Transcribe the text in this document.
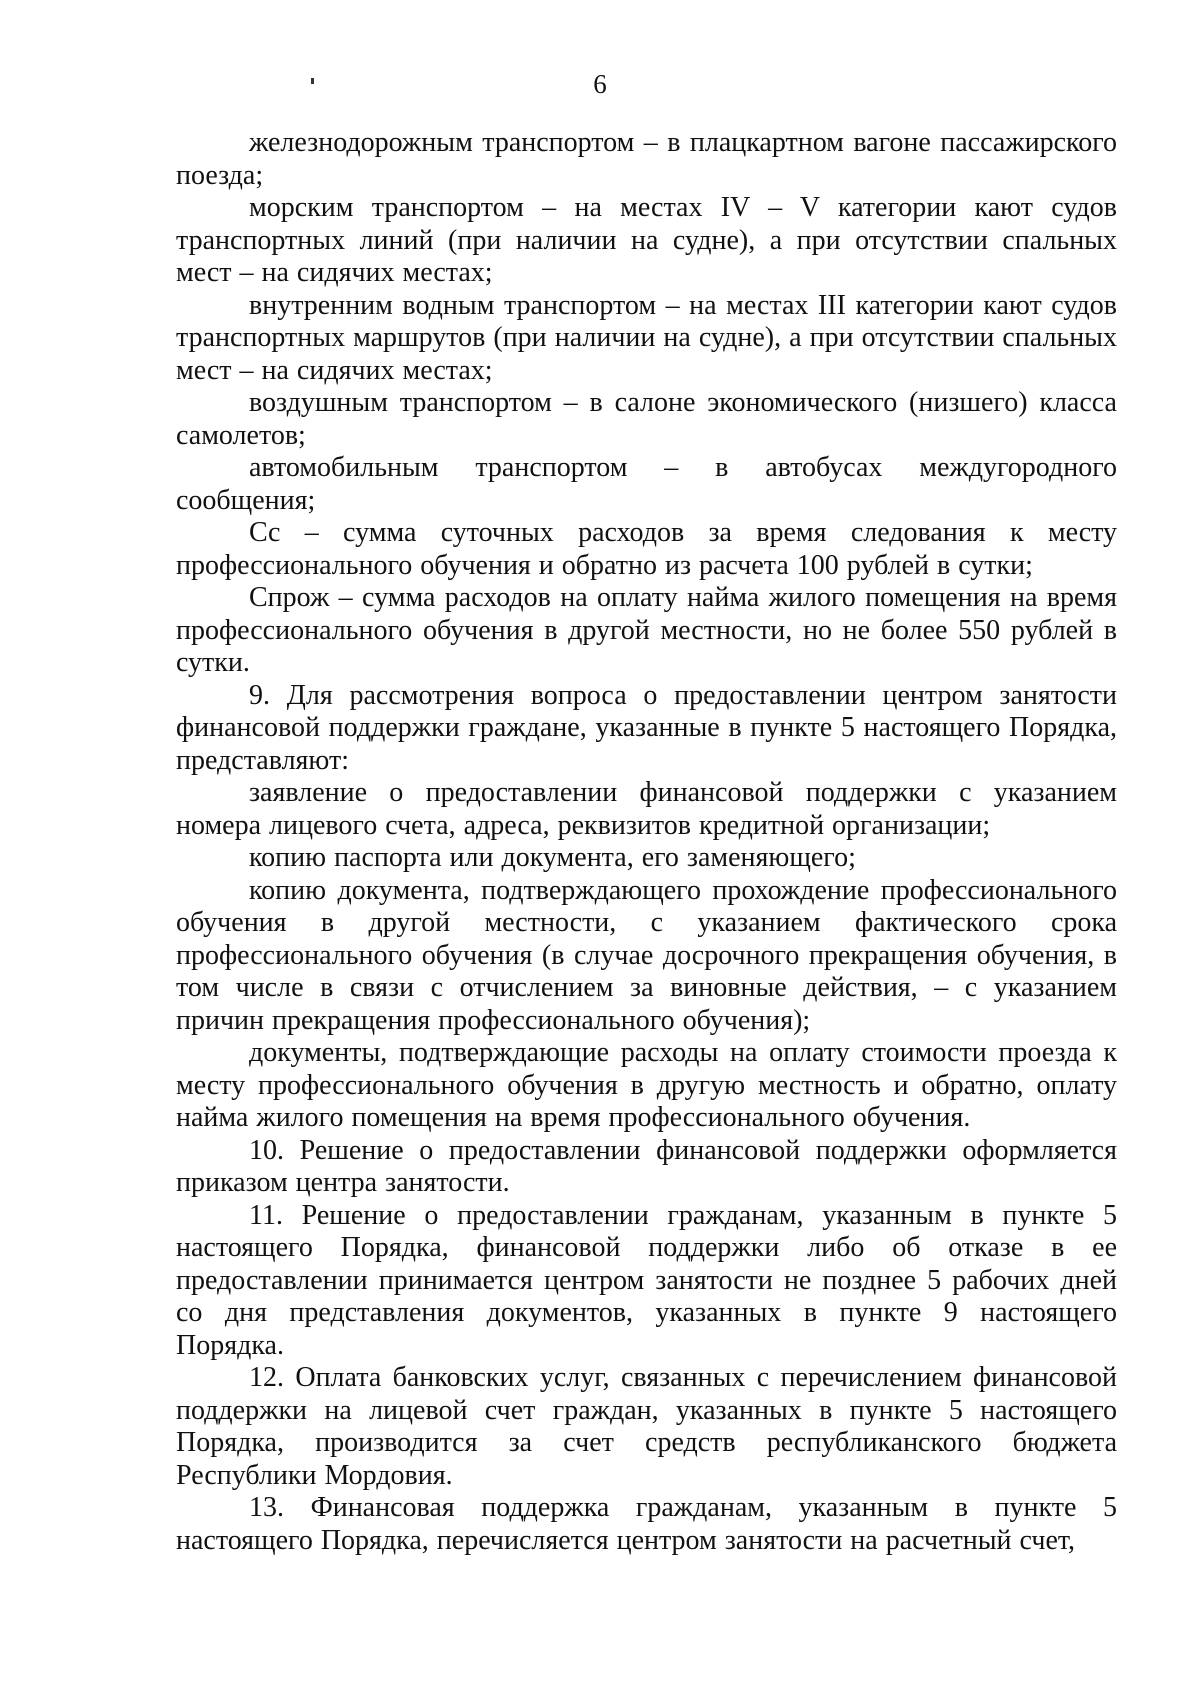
6

железнодорожным транспортом – в плацкартном вагоне пассажирского поезда;

морским транспортом – на местах IV – V категории кают судов транспортных линий (при наличии на судне), а при отсутствии спальных мест – на сидячих местах;

внутренним водным транспортом – на местах III категории кают судов транспортных маршрутов (при наличии на судне), а при отсутствии спальных мест – на сидячих местах;

воздушным транспортом – в салоне экономического (низшего) класса самолетов;

автомобильным транспортом – в автобусах междугородного сообщения;

Сс – сумма суточных расходов за время следования к месту профессионального обучения и обратно из расчета 100 рублей в сутки;

Спрож – сумма расходов на оплату найма жилого помещения на время профессионального обучения в другой местности, но не более 550 рублей в сутки.

9. Для рассмотрения вопроса о предоставлении центром занятости финансовой поддержки граждане, указанные в пункте 5 настоящего Порядка, представляют:

заявление о предоставлении финансовой поддержки с указанием номера лицевого счета, адреса, реквизитов кредитной организации;

копию паспорта или документа, его заменяющего;

копию документа, подтверждающего прохождение профессионального обучения в другой местности, с указанием фактического срока профессионального обучения (в случае досрочного прекращения обучения, в том числе в связи с отчислением за виновные действия, – с указанием причин прекращения профессионального обучения);

документы, подтверждающие расходы на оплату стоимости проезда к месту профессионального обучения в другую местность и обратно, оплату найма жилого помещения на время профессионального обучения.

10. Решение о предоставлении финансовой поддержки оформляется приказом центра занятости.

11. Решение о предоставлении гражданам, указанным в пункте 5 настоящего Порядка, финансовой поддержки либо об отказе в ее предоставлении принимается центром занятости не позднее 5 рабочих дней со дня представления документов, указанных в пункте 9 настоящего Порядка.

12. Оплата банковских услуг, связанных с перечислением финансовой поддержки на лицевой счет граждан, указанных в пункте 5 настоящего Порядка, производится за счет средств республиканского бюджета Республики Мордовия.

13. Финансовая поддержка гражданам, указанным в пункте 5 настоящего Порядка, перечисляется центром занятости на расчетный счет,
